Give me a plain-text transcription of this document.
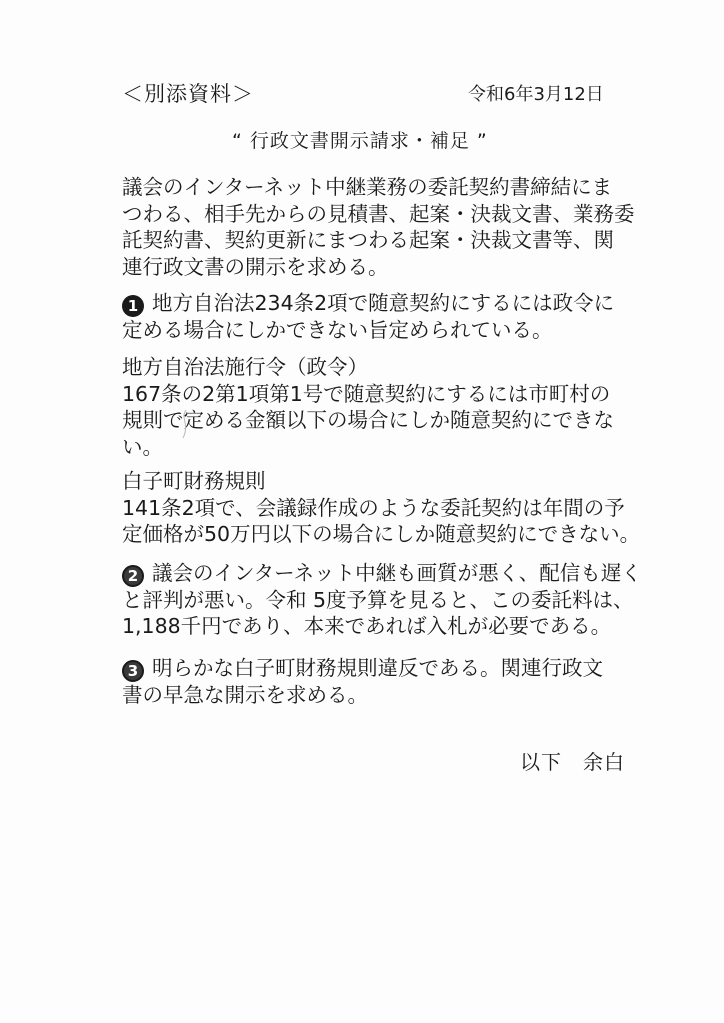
＜別添資料＞	令和6年3月12日
“ 行政文書開示請求・補足 ”
議会のインターネット中継業務の委託契約書締結にま
つわる、相手先からの見積書、起案・決裁文書、業務委
託契約書、契約更新にまつわる起案・決裁文書等、関
連行政文書の開示を求める。
1 地方自治法234条2項で随意契約にするには政令に
定める場合にしかできない旨定められている。
地方自治法施行令（政令）
167条の2第1項第1号で随意契約にするには市町村の
規則で定める金額以下の場合にしか随意契約にできな
い。
白子町財務規則
141条2項で、会議録作成のような委託契約は年間の予
定価格が50万円以下の場合にしか随意契約にできない。
2 議会のインターネット中継も画質が悪く、配信も遅く
と評判が悪い。令和 5度予算を見ると、この委託料は、
1,188千円であり、本来であれば入札が必要である。
3 明らかな白子町財務規則違反である。関連行政文
書の早急な開示を求める。
以下　余白
